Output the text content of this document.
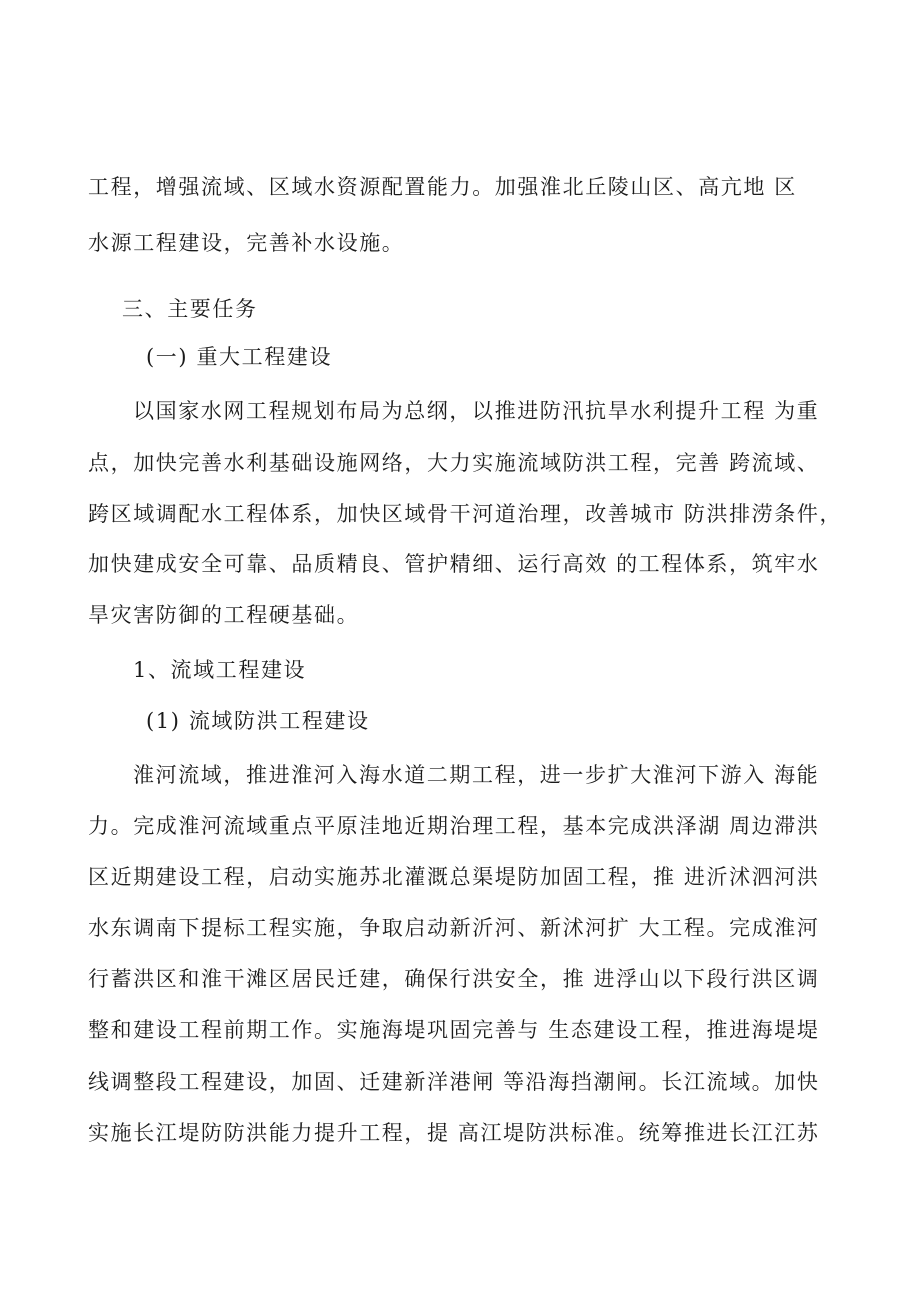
工程，增强流域、区域水资源配置能力。加强淮北丘陵山区、高亢地 区
水源工程建设，完善补水设施。
三、主要任务
(一) 重大工程建设
以国家水网工程规划布局为总纲，以推进防汛抗旱水利提升工程 为重
点，加快完善水利基础设施网络，大力实施流域防洪工程，完善 跨流域、
跨区域调配水工程体系，加快区域骨干河道治理，改善城市 防洪排涝条件，
加快建成安全可靠、品质精良、管护精细、运行高效 的工程体系，筑牢水
旱灾害防御的工程硬基础。
1、流域工程建设
(1) 流域防洪工程建设
淮河流域，推进淮河入海水道二期工程，进一步扩大淮河下游入 海能
力。完成淮河流域重点平原洼地近期治理工程，基本完成洪泽湖 周边滞洪
区近期建设工程，启动实施苏北灌溉总渠堤防加固工程，推 进沂沭泗河洪
水东调南下提标工程实施，争取启动新沂河、新沭河扩 大工程。完成淮河
行蓄洪区和淮干滩区居民迁建，确保行洪安全，推 进浮山以下段行洪区调
整和建设工程前期工作。实施海堤巩固完善与 生态建设工程，推进海堤堤
线调整段工程建设，加固、迁建新洋港闸 等沿海挡潮闸。长江流域。加快
实施长江堤防防洪能力提升工程，提 高江堤防洪标准。统筹推进长江江苏
